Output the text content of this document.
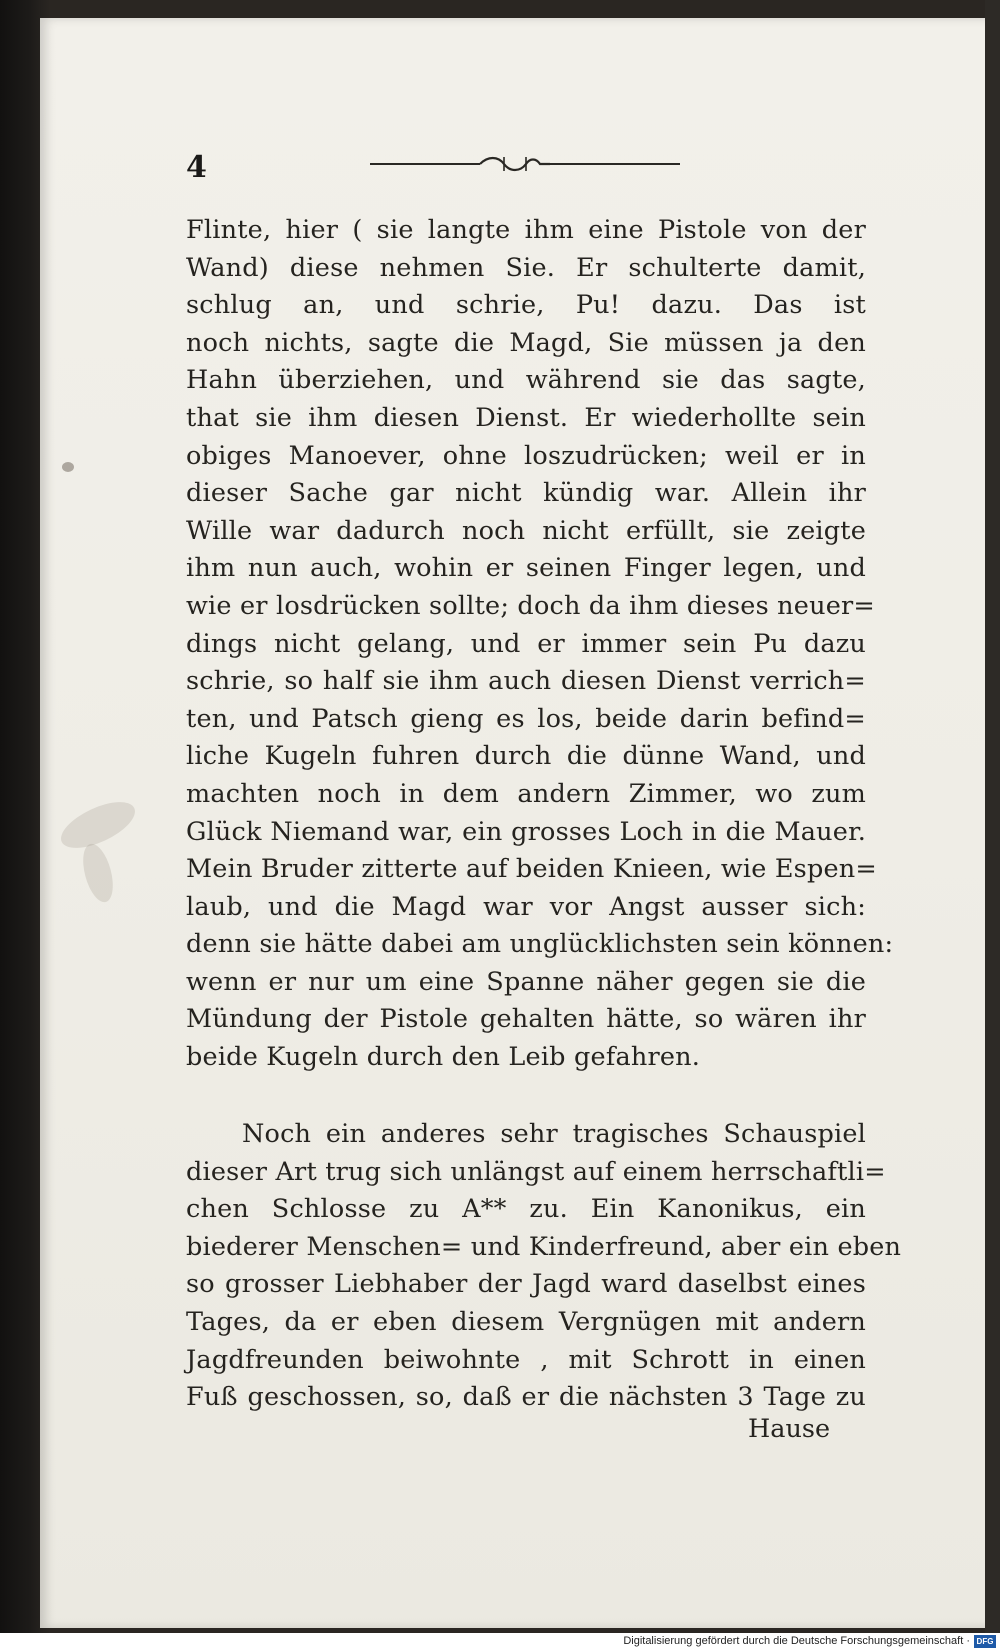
4
Flinte, hier ( sie langte ihm eine Pistole von der
Wand) diese nehmen Sie. Er schulterte damit,
schlug an, und schrie, Pu! dazu. Das ist
noch nichts, sagte die Magd, Sie müssen ja den
Hahn überziehen, und während sie das sagte,
that sie ihm diesen Dienst. Er wiederhollte sein
obiges Manoever, ohne loszudrücken; weil er in
dieser Sache gar nicht kündig war. Allein ihr
Wille war dadurch noch nicht erfüllt, sie zeigte
ihm nun auch, wohin er seinen Finger legen, und
wie er losdrücken sollte; doch da ihm dieses neuer=
dings nicht gelang, und er immer sein Pu dazu
schrie, so half sie ihm auch diesen Dienst verrich=
ten, und Patsch gieng es los, beide darin befind=
liche Kugeln fuhren durch die dünne Wand, und
machten noch in dem andern Zimmer, wo zum
Glück Niemand war, ein grosses Loch in die Mauer.
Mein Bruder zitterte auf beiden Knieen, wie Espen=
laub, und die Magd war vor Angst ausser sich:
denn sie hätte dabei am unglücklichsten sein können:
wenn er nur um eine Spanne näher gegen sie die
Mündung der Pistole gehalten hätte, so wären ihr
beide Kugeln durch den Leib gefahren.
Noch ein anderes sehr tragisches Schauspiel
dieser Art trug sich unlängst auf einem herrschaftli=
chen Schlosse zu A** zu. Ein Kanonikus, ein
biederer Menschen= und Kinderfreund, aber ein eben
so grosser Liebhaber der Jagd ward daselbst eines
Tages, da er eben diesem Vergnügen mit andern
Jagdfreunden beiwohnte , mit Schrott in einen
Fuß geschossen, so, daß er die nächsten 3 Tage zu
Hause
Digitalisierung gefördert durch die Deutsche Forschungsgemeinschaft · DFG
